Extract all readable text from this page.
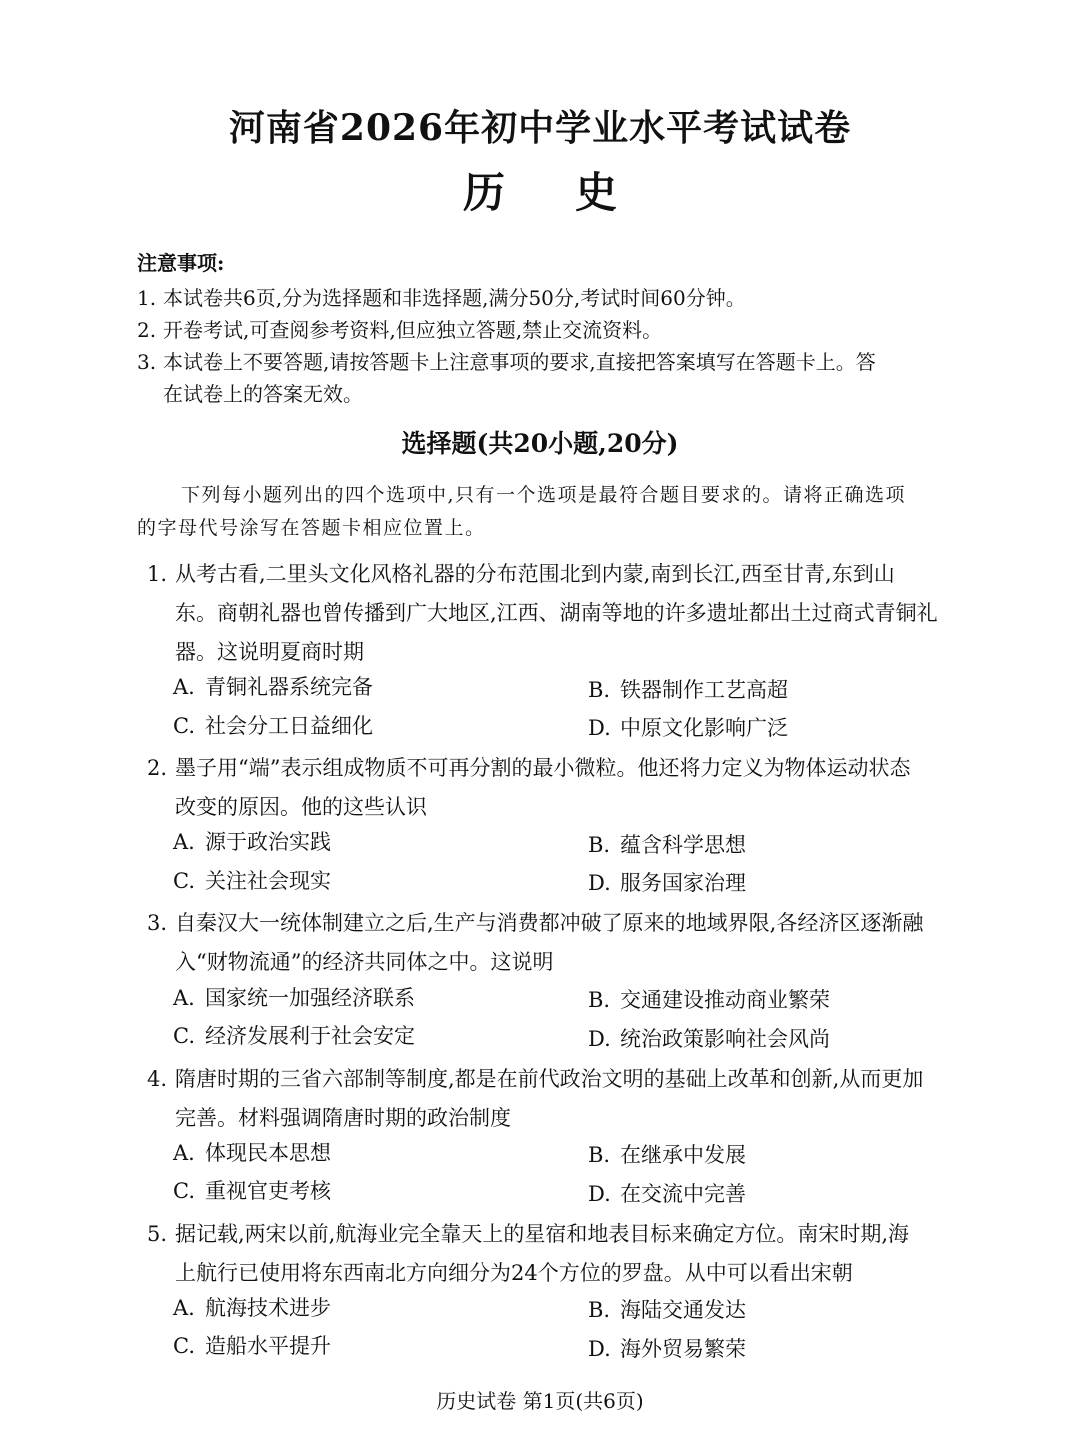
河南省2026年初中学业水平考试试卷
历史
注意事项:
1. 本试卷共6页,分为选择题和非选择题,满分50分,考试时间60分钟。
2. 开卷考试,可查阅参考资料,但应独立答题,禁止交流资料。
3. 本试卷上不要答题,请按答题卡上注意事项的要求,直接把答案填写在答题卡上。答
在试卷上的答案无效。
选择题(共20小题,20分)
下列每小题列出的四个选项中,只有一个选项是最符合题目要求的。请将正确选项
的字母代号涂写在答题卡相应位置上。
1. 从考古看,二里头文化风格礼器的分布范围北到内蒙,南到长江,西至甘青,东到山
东。商朝礼器也曾传播到广大地区,江西、湖南等地的许多遗址都出土过商式青铜礼
器。这说明夏商时期
A. 青铜礼器系统完备	B. 铁器制作工艺高超
C. 社会分工日益细化	D. 中原文化影响广泛
2. 墨子用“端”表示组成物质不可再分割的最小微粒。他还将力定义为物体运动状态
改变的原因。他的这些认识
A. 源于政治实践	B. 蕴含科学思想
C. 关注社会现实	D. 服务国家治理
3. 自秦汉大一统体制建立之后,生产与消费都冲破了原来的地域界限,各经济区逐渐融
入“财物流通”的经济共同体之中。这说明
A. 国家统一加强经济联系	B. 交通建设推动商业繁荣
C. 经济发展利于社会安定	D. 统治政策影响社会风尚
4. 隋唐时期的三省六部制等制度,都是在前代政治文明的基础上改革和创新,从而更加
完善。材料强调隋唐时期的政治制度
A. 体现民本思想	B. 在继承中发展
C. 重视官吏考核	D. 在交流中完善
5. 据记载,两宋以前,航海业完全靠天上的星宿和地表目标来确定方位。南宋时期,海
上航行已使用将东西南北方向细分为24个方位的罗盘。从中可以看出宋朝
A. 航海技术进步	B. 海陆交通发达
C. 造船水平提升	D. 海外贸易繁荣
历史试卷 第1页(共6页)
